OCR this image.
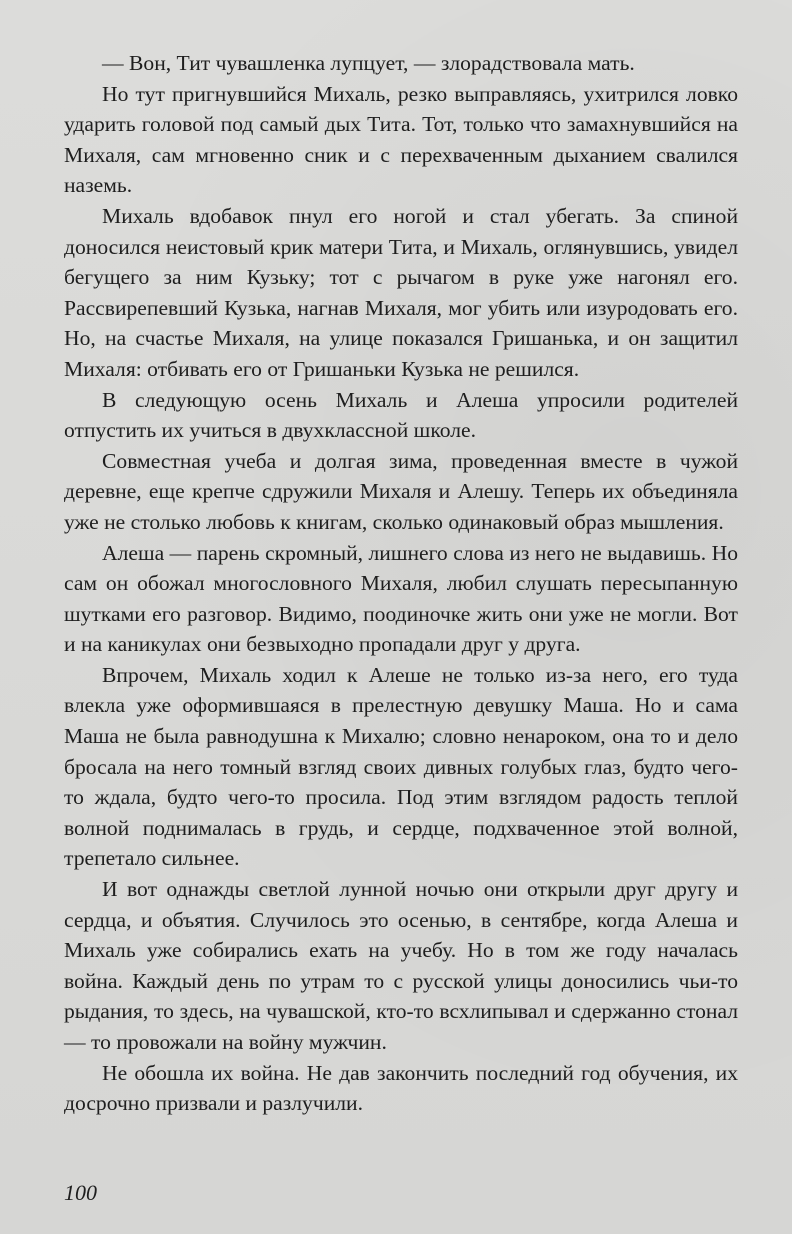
— Вон, Тит чувашленка лупцует, — злорадствовала мать.

Но тут пригнувшийся Михаль, резко выправляясь, ухитрился ловко ударить головой под самый дых Тита. Тот, только что замахнувшийся на Михаля, сам мгновенно сник и с перехваченным дыханием свалился наземь.

Михаль вдобавок пнул его ногой и стал убегать. За спиной доносился неистовый крик матери Тита, и Михаль, оглянувшись, увидел бегущего за ним Кузьку; тот с рычагом в руке уже нагонял его. Рассвирепевший Кузька, нагнав Михаля, мог убить или изуродовать его. Но, на счастье Михаля, на улице показался Гришанька, и он защитил Михаля: отбивать его от Гришаньки Кузька не решился.

В следующую осень Михаль и Алеша упросили родителей отпустить их учиться в двухклассной школе.

Совместная учеба и долгая зима, проведенная вместе в чужой деревне, еще крепче сдружили Михаля и Алешу. Теперь их объединяла уже не столько любовь к книгам, сколько одинаковый образ мышления.

Алеша — парень скромный, лишнего слова из него не выдавишь. Но сам он обожал многословного Михаля, любил слушать пересыпанную шутками его разговор. Видимо, поодиночке жить они уже не могли. Вот и на каникулах они безвыходно пропадали друг у друга.

Впрочем, Михаль ходил к Алеше не только из-за него, его туда влекла уже оформившаяся в прелестную девушку Маша. Но и сама Маша не была равнодушна к Михалю; словно ненароком, она то и дело бросала на него томный взгляд своих дивных голубых глаз, будто чего-то ждала, будто чего-то просила. Под этим взглядом радость теплой волной поднималась в грудь, и сердце, подхваченное этой волной, трепетало сильнее.

И вот однажды светлой лунной ночью они открыли друг другу и сердца, и объятия. Случилось это осенью, в сентябре, когда Алеша и Михаль уже собирались ехать на учебу. Но в том же году началась война. Каждый день по утрам то с русской улицы доносились чьи-то рыдания, то здесь, на чувашской, кто-то всхлипывал и сдержанно стонал — то провожали на войну мужчин.

Не обошла их война. Не дав закончить последний год обучения, их досрочно призвали и разлучили.

100
